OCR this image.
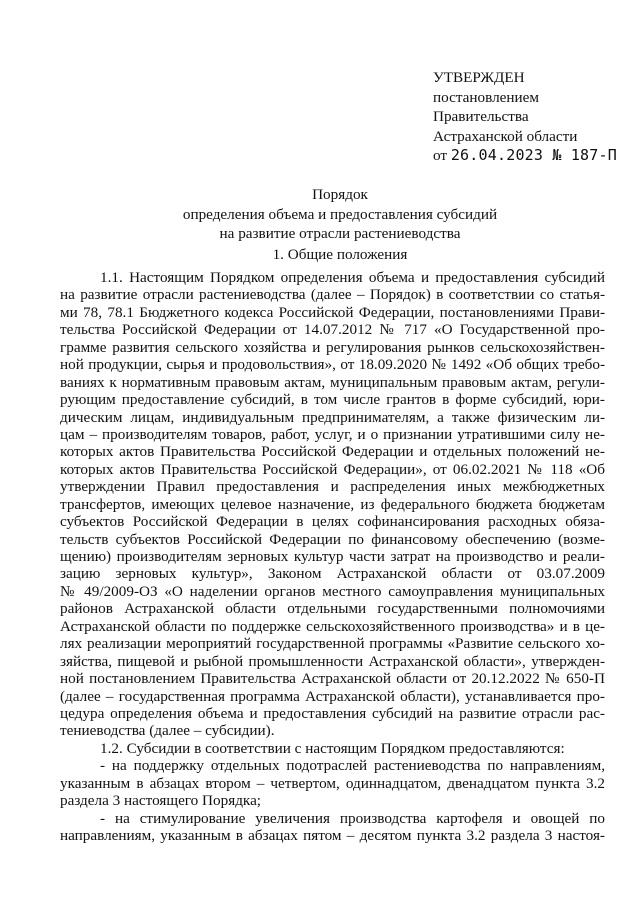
УТВЕРЖДЕН
постановлением
Правительства
Астраханской области
от 26.04.2023 № 187-П
Порядок
определения объема и предоставления субсидий
на развитие отрасли растениеводства
1. Общие положения
1.1. Настоящим Порядком определения объема и предоставления субсидий
на развитие отрасли растениеводства (далее – Порядок) в соответствии со статья-
ми 78, 78.1 Бюджетного кодекса Российской Федерации, постановлениями Прави-
тельства Российской Федерации от 14.07.2012 № 717 «О Государственной про-
грамме развития сельского хозяйства и регулирования рынков сельскохозяйствен-
ной продукции, сырья и продовольствия», от 18.09.2020 № 1492 «Об общих требо-
ваниях к нормативным правовым актам, муниципальным правовым актам, регули-
рующим предоставление субсидий, в том числе грантов в форме субсидий, юри-
дическим лицам, индивидуальным предпринимателям, а также физическим ли-
цам – производителям товаров, работ, услуг, и о признании утратившими силу не-
которых актов Правительства Российской Федерации и отдельных положений не-
которых актов Правительства Российской Федерации», от 06.02.2021 № 118 «Об
утверждении Правил предоставления и распределения иных межбюджетных
трансфертов, имеющих целевое назначение, из федерального бюджета бюджетам
субъектов Российской Федерации в целях софинансирования расходных обяза-
тельств субъектов Российской Федерации по финансовому обеспечению (возме-
щению) производителям зерновых культур части затрат на производство и реали-
зацию зерновых культур», Законом Астраханской области от 03.07.2009
№ 49/2009-ОЗ «О наделении органов местного самоуправления муниципальных
районов Астраханской области отдельными государственными полномочиями
Астраханской области по поддержке сельскохозяйственного производства» и в це-
лях реализации мероприятий государственной программы «Развитие сельского хо-
зяйства, пищевой и рыбной промышленности Астраханской области», утвержден-
ной постановлением Правительства Астраханской области от 20.12.2022 № 650-П
(далее – государственная программа Астраханской области), устанавливается про-
цедура определения объема и предоставления субсидий на развитие отрасли рас-
тениеводства (далее – субсидии).
1.2. Субсидии в соответствии с настоящим Порядком предоставляются:
- на поддержку отдельных подотраслей растениеводства по направлениям,
указанным в абзацах втором – четвертом, одиннадцатом, двенадцатом пункта 3.2
раздела 3 настоящего Порядка;
- на стимулирование увеличения производства картофеля и овощей по
направлениям, указанным в абзацах пятом – десятом пункта 3.2 раздела 3 настоя-
